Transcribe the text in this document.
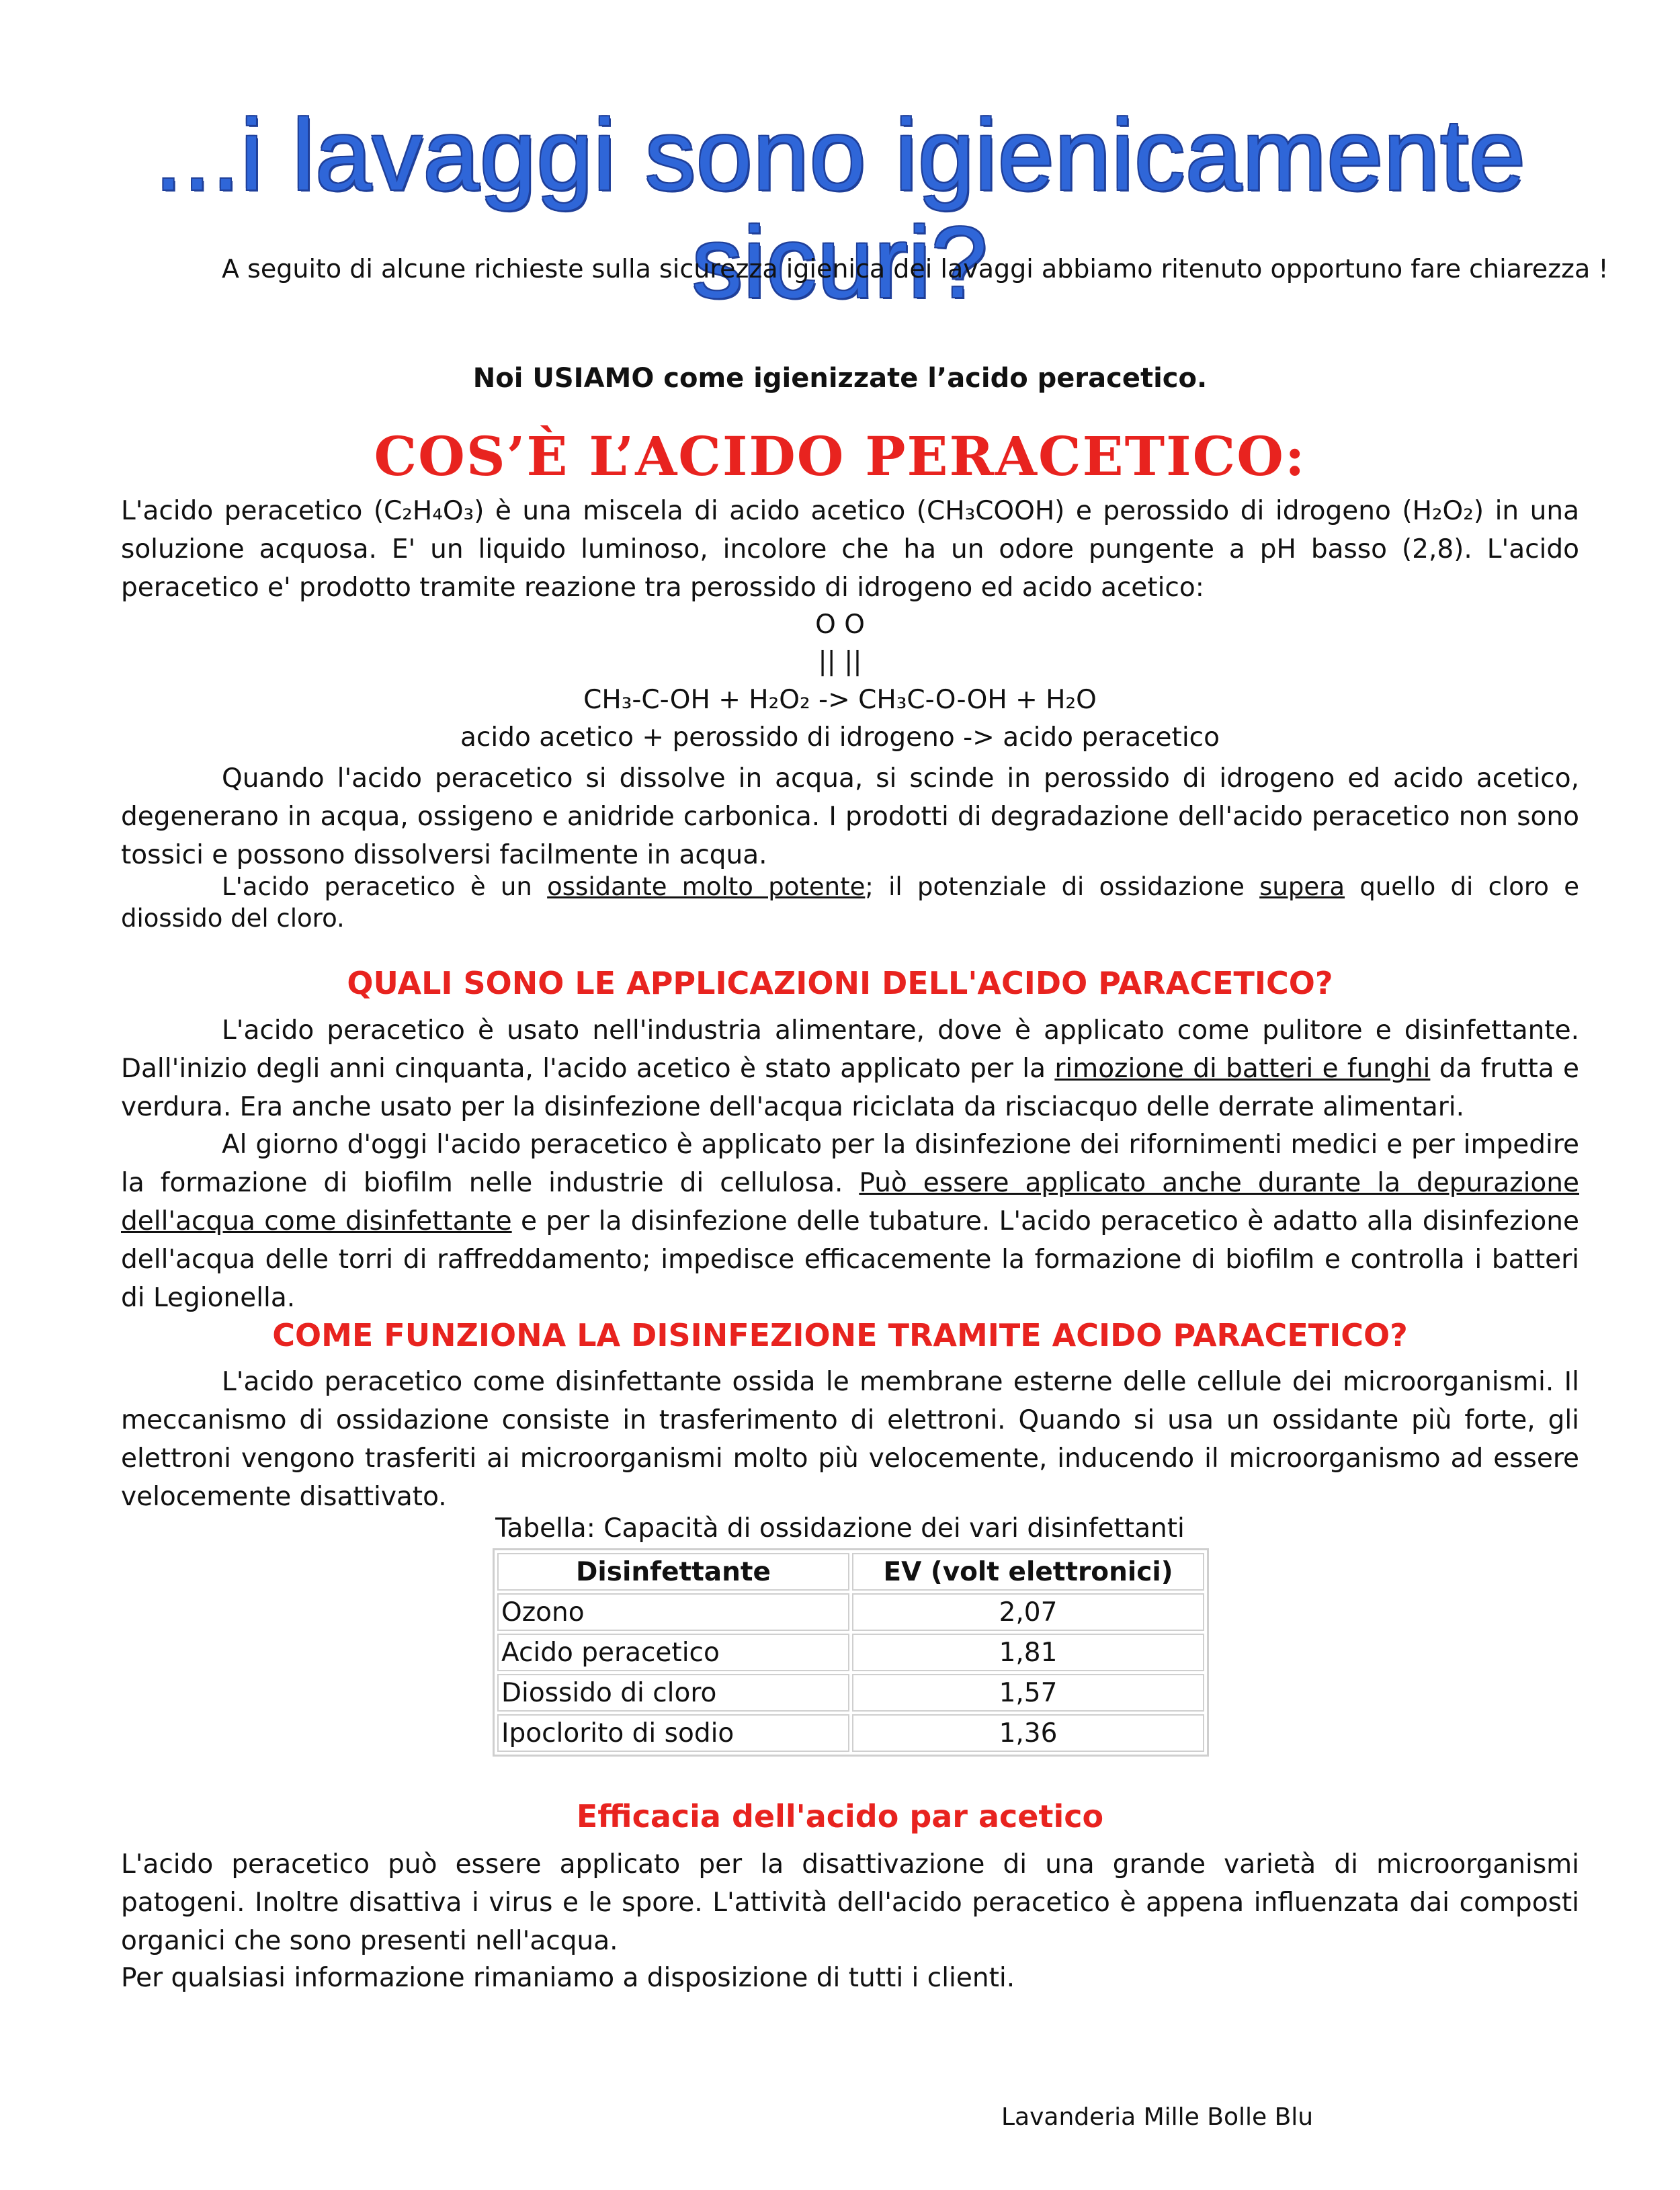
...i lavaggi sono igienicamente sicuri?
A seguito di alcune richieste sulla sicurezza igienica dei lavaggi abbiamo ritenuto opportuno fare chiarezza !
Noi USIAMO come igienizzate l’acido peracetico.
COS’È L’ACIDO PERACETICO:
L'acido peracetico (C₂H₄O₃) è una miscela di acido acetico (CH₃COOH) e perossido di idrogeno (H₂O₂) in una soluzione acquosa. E' un liquido luminoso, incolore che ha un odore pungente a pH basso (2,8). L'acido peracetico e' prodotto tramite reazione tra perossido di idrogeno ed acido acetico:
O O
|| ||
CH₃-C-OH + H₂O₂ -> CH₃C-O-OH + H₂O
acido acetico + perossido di idrogeno -> acido peracetico
Quando l'acido peracetico si dissolve in acqua, si scinde in perossido di idrogeno ed acido acetico, degenerano in acqua, ossigeno e anidride carbonica. I prodotti di degradazione dell'acido peracetico non sono tossici e possono dissolversi facilmente in acqua.
L'acido peracetico è un ossidante molto potente; il potenziale di ossidazione supera quello di cloro e diossido del cloro.
QUALI SONO LE APPLICAZIONI DELL'ACIDO PARACETICO?
L'acido peracetico è usato nell'industria alimentare, dove è applicato come pulitore e disinfettante. Dall'inizio degli anni cinquanta, l'acido acetico è stato applicato per la rimozione di batteri e funghi da frutta e verdura. Era anche usato per la disinfezione dell'acqua riciclata da risciacquo delle derrate alimentari.
Al giorno d'oggi l'acido peracetico è applicato per la disinfezione dei rifornimenti medici e per impedire la formazione di biofilm nelle industrie di cellulosa. Può essere applicato anche durante la depurazione dell'acqua come disinfettante e per la disinfezione delle tubature. L'acido peracetico è adatto alla disinfezione dell'acqua delle torri di raffreddamento; impedisce efficacemente la formazione di biofilm e controlla i batteri di Legionella.
COME FUNZIONA LA DISINFEZIONE TRAMITE ACIDO PARACETICO?
L'acido peracetico come disinfettante ossida le membrane esterne delle cellule dei microorganismi. Il meccanismo di ossidazione consiste in trasferimento di elettroni. Quando si usa un ossidante più forte, gli elettroni vengono trasferiti ai microorganismi molto più velocemente, inducendo il microorganismo ad essere velocemente disattivato.
Tabella: Capacità di ossidazione dei vari disinfettanti
Disinfettante	EV (volt elettronici)
Ozono	2,07
Acido peracetico	1,81
Diossido di cloro	1,57
Ipoclorito di sodio	1,36
Efficacia dell'acido par acetico
L'acido peracetico può essere applicato per la disattivazione di una grande varietà di microorganismi patogeni. Inoltre disattiva i virus e le spore. L'attività dell'acido peracetico è appena influenzata dai composti organici che sono presenti nell'acqua.
Per qualsiasi informazione rimaniamo a disposizione di tutti i clienti.
Lavanderia Mille Bolle Blu
